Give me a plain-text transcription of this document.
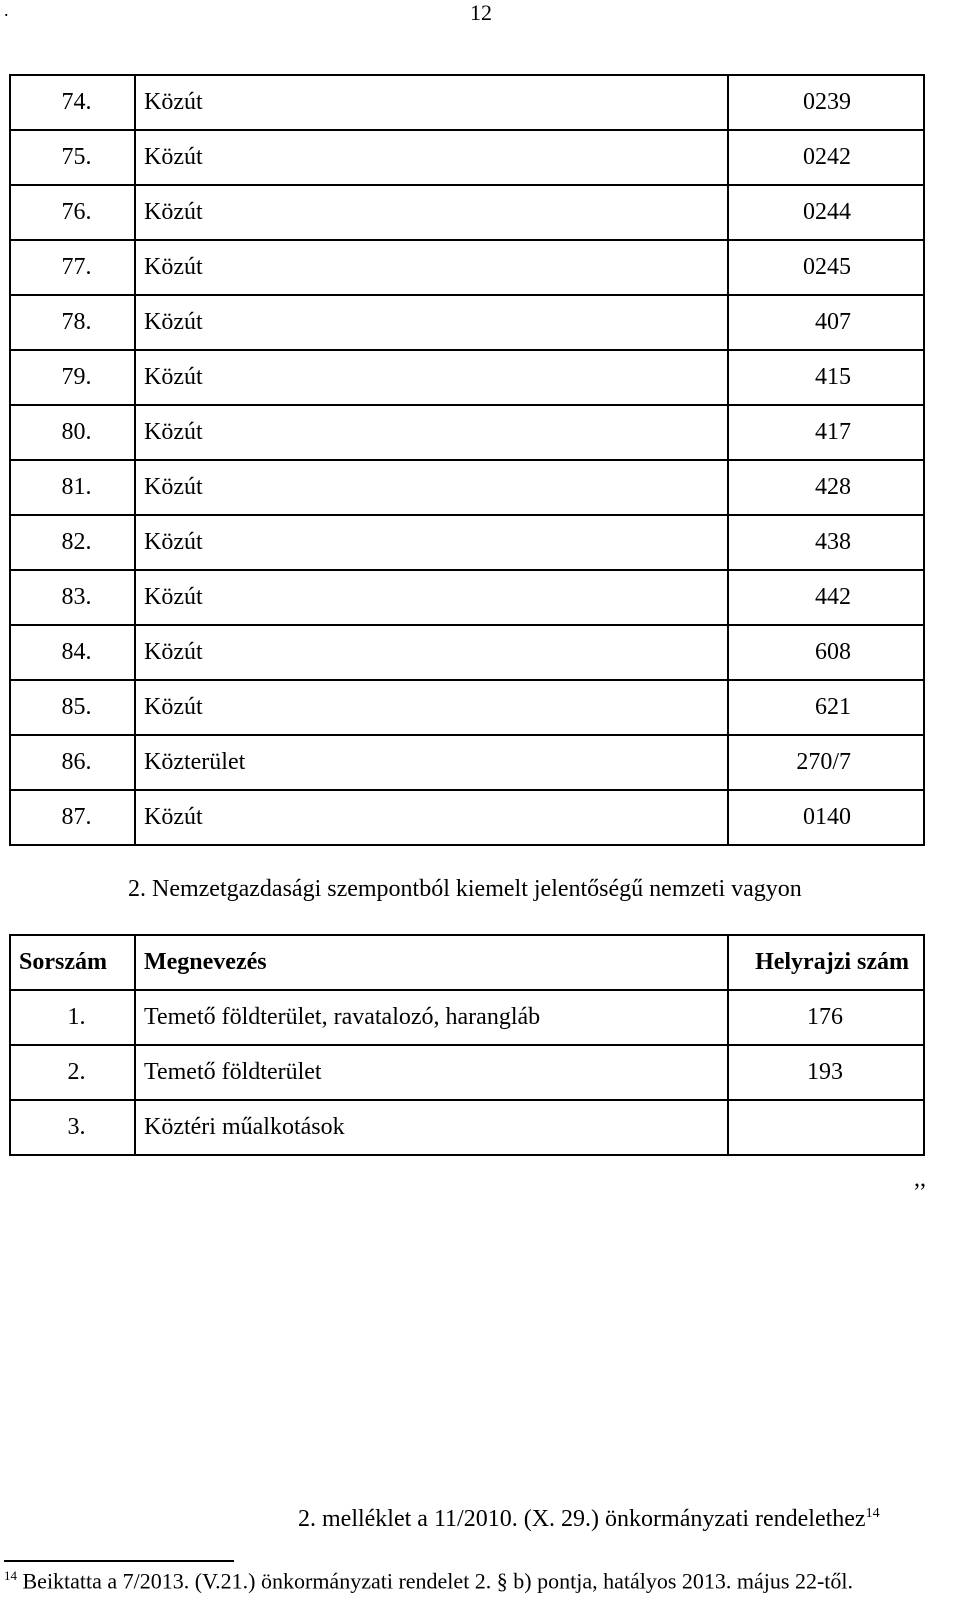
.	12
74.	Közút	0239
75.	Közút	0242
76.	Közút	0244
77.	Közút	0245
78.	Közút	407
79.	Közút	415
80.	Közút	417
81.	Közút	428
82.	Közút	438
83.	Közút	442
84.	Közút	608
85.	Közút	621
86.	Közterület	270/7
87.	Közút	0140
2. Nemzetgazdasági szempontból kiemelt jelentőségű nemzeti vagyon
Sorszám	Megnevezés	Helyrajzi szám
1.	Temető földterület, ravatalozó, harangláb	176
2.	Temető földterület	193
3.	Köztéri műalkotások	
,,
2. melléklet a 11/2010. (X. 29.) önkormányzati rendelethez$^{14}$
$^{14}$ Beiktatta a 7/2013. (V.21.) önkormányzati rendelet 2. § b) pontja, hatályos 2013. május 22-től.
